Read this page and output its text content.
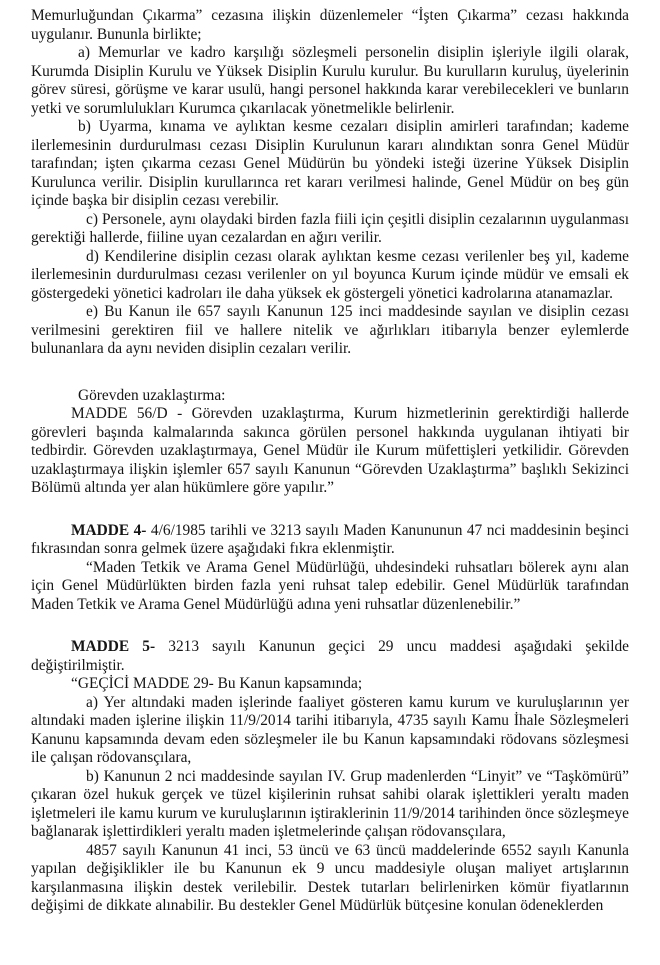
Memurluğundan Çıkarma” cezasına ilişkin düzenlemeler “İşten Çıkarma” cezası hakkında uygulanır. Bununla birlikte;

a) Memurlar ve kadro karşılığı sözleşmeli personelin disiplin işleriyle ilgili olarak, Kurumda Disiplin Kurulu ve Yüksek Disiplin Kurulu kurulur. Bu kurulların kuruluş, üyelerinin görev süresi, görüşme ve karar usulü, hangi personel hakkında karar verebilecekleri ve bunların yetki ve sorumlulukları Kurumca çıkarılacak yönetmelikle belirlenir.

b) Uyarma, kınama ve aylıktan kesme cezaları disiplin amirleri tarafından; kademe ilerlemesinin durdurulması cezası Disiplin Kurulunun kararı alındıktan sonra Genel Müdür tarafından; işten çıkarma cezası Genel Müdürün bu yöndeki isteği üzerine Yüksek Disiplin Kurulunca verilir. Disiplin kurullarınca ret kararı verilmesi halinde, Genel Müdür on beş gün içinde başka bir disiplin cezası verebilir.

c) Personele, aynı olaydaki birden fazla fiili için çeşitli disiplin cezalarının uygulanması gerektiği hallerde, fiiline uyan cezalardan en ağırı verilir.

d) Kendilerine disiplin cezası olarak aylıktan kesme cezası verilenler beş yıl, kademe ilerlemesinin durdurulması cezası verilenler on yıl boyunca Kurum içinde müdür ve emsali ek göstergedeki yönetici kadroları ile daha yüksek ek göstergeli yönetici kadrolarına atanamazlar.

e) Bu Kanun ile 657 sayılı Kanunun 125 inci maddesinde sayılan ve disiplin cezası verilmesini gerektiren fiil ve hallere nitelik ve ağırlıkları itibarıyla benzer eylemlerde bulunanlara da aynı neviden disiplin cezaları verilir.

Görevden uzaklaştırma:

MADDE 56/D - Görevden uzaklaştırma, Kurum hizmetlerinin gerektirdiği hallerde görevleri başında kalmalarında sakınca görülen personel hakkında uygulanan ihtiyati bir tedbirdir. Görevden uzaklaştırmaya, Genel Müdür ile Kurum müfettişleri yetkilidir. Görevden uzaklaştırmaya ilişkin işlemler 657 sayılı Kanunun “Görevden Uzaklaştırma” başlıklı Sekizinci Bölümü altında yer alan hükümlere göre yapılır.”

MADDE 4- 4/6/1985 tarihli ve 3213 sayılı Maden Kanununun 47 nci maddesinin beşinci fıkrasından sonra gelmek üzere aşağıdaki fıkra eklenmiştir.

“Maden Tetkik ve Arama Genel Müdürlüğü, uhdesindeki ruhsatları bölerek aynı alan için Genel Müdürlükten birden fazla yeni ruhsat talep edebilir. Genel Müdürlük tarafından Maden Tetkik ve Arama Genel Müdürlüğü adına yeni ruhsatlar düzenlenebilir.”

MADDE 5- 3213 sayılı Kanunun geçici 29 uncu maddesi aşağıdaki şekilde değiştirilmiştir.

“GEÇİCİ MADDE 29- Bu Kanun kapsamında;

a) Yer altındaki maden işlerinde faaliyet gösteren kamu kurum ve kuruluşlarının yer altındaki maden işlerine ilişkin 11/9/2014 tarihi itibarıyla, 4735 sayılı Kamu İhale Sözleşmeleri Kanunu kapsamında devam eden sözleşmeler ile bu Kanun kapsamındaki rödovans sözleşmesi ile çalışan rödovansçılara,

b) Kanunun 2 nci maddesinde sayılan IV. Grup madenlerden “Linyit” ve “Taşkömürü” çıkaran özel hukuk gerçek ve tüzel kişilerinin ruhsat sahibi olarak işlettikleri yeraltı maden işletmeleri ile kamu kurum ve kuruluşlarının iştiraklerinin 11/9/2014 tarihinden önce sözleşmeye bağlanarak işlettirdikleri yeraltı maden işletmelerinde çalışan rödovansçılara,

4857 sayılı Kanunun 41 inci, 53 üncü ve 63 üncü maddelerinde 6552 sayılı Kanunla yapılan değişiklikler ile bu Kanunun ek 9 uncu maddesiyle oluşan maliyet artışlarının karşılanmasına ilişkin destek verilebilir. Destek tutarları belirlenirken kömür fiyatlarının değişimi de dikkate alınabilir. Bu destekler Genel Müdürlük bütçesine konulan ödeneklerden
